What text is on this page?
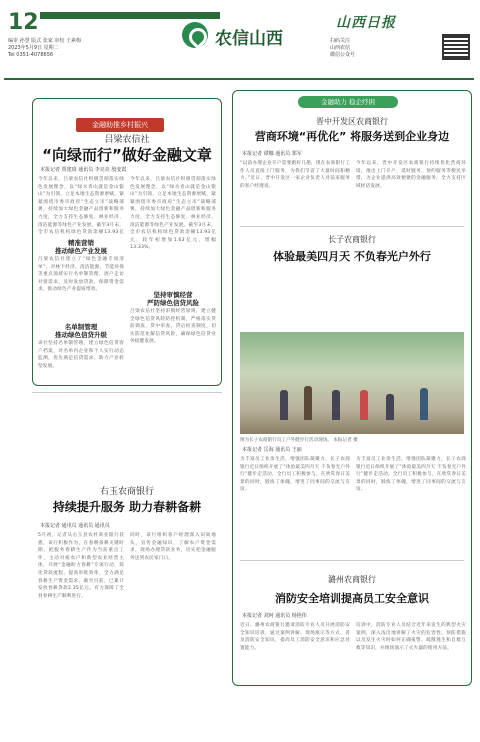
12
编审 孙慧 版式 张家 审校 王素梅
2023年5月9日 星期二
Tel 0351-4078656
农信山西
山西日报
扫码关注
山西农信
微信公众号
金融助推乡村振兴
吕梁农信社
“向绿而行”做好金融文章
本报记者 贾建琦 通讯员 李亮亮 殷变霞
今年以来，吕梁农信社积极贯彻落实绿色发展理念，以“绿水青山就是金山银山”为引领，立足本地生态资源禀赋，紧紧围绕市委市政府“生态立市”战略部署，持续加大绿色金融产品创新和服务力度，全力支持生态修复、林业经济、清洁能源等绿色产业发展，截至3月末，全市农信机构绿色贷款余额13.93亿
精准营销
推动绿色产业发展
吕梁农信社建立了“绿色金融专项清单”，对林下经济、清洁能源、节能环保等重点领域实行名单制管理，逐户走访对接需求，及时发放贷款，保障资金需求，推动绿色产业提质增效。
名单制管理
推动绿色信贷升级
该社坚持名单制管理，建立绿色信贷客户档案，对名单内企业和个人实行动态监测，优先满足信贷需求，助力产业转型发展。
今年以来，吕梁农信社积极贯彻落实绿色发展理念，以“绿水青山就是金山银山”为引领，立足本地生态资源禀赋，紧紧围绕市委市政府“生态立市”战略部署，持续加大绿色金融产品创新和服务力度，全力支持生态修复、林业经济、清洁能源等绿色产业发展，截至3月末，全市农信机构绿色贷款余额13.93亿元，较年初增加1.63亿元，增幅13.33%。
坚持审慎经营
严防绿色信贷风险
吕梁农信社坚持审慎经营原则，建立健全绿色信贷风险防控机制，严格落实贷前调查、贷中审查、贷后检查制度，切实防范化解信贷风险，确保绿色信贷业务稳健发展。
右玉农商银行
持续提升服务 助力春耕备耕
本报记者 通讯员 通讯员 通讯员
5月初，记者从右玉县农村商业银行获悉，该行积极作为，在春耕备耕关键时期，把服务春耕生产作为当前重点工作，主动对接农户和新型农业经营主体，开展“金融助力春耕”专项行动，简化贷款流程，提高审批效率，全力满足春耕生产资金需求。截至目前，已累计发放春耕贷款2.35亿元，有力保障了全县春耕生产顺利进行。
同时，该行组织客户经理深入田间地头，宣传金融知识，了解农户资金需求，现场办理贷款业务，切实把金融服务送到农民家门口。
金融助力 稳企纾困
晋中开发区农商银行
营商环境“再优化” 将服务送到企业身边
本报记者 谭娜 通讯员 郑军
“以前办理企业开户需要跑好几趟，现在农商银行工作人员直接上门服务，为我们节省了大量时间和精力。”近日，晋中开发区一家企业负责人对前来服务的客户经理说。
今年以来，晋中开发区农商银行持续优化营商环境，推出上门开户、延时服务、预约服务等便民举措，为企业提供高效便捷的金融服务，全力支持区域经济发展。
长子农商银行
体验最美四月天 不负春光户外行
图为长子农商银行员工户外健步行活动现场。 本报记者 摄
本报记者 岳海 通讯员 王丽
为丰富员工业余生活，增强团队凝聚力，长子农商银行近日组织开展了“体验最美四月天 不负春光户外行”健步走活动，全行员工积极参与，在欣赏春日美景的同时，锻炼了体魄，增进了同事间的交流与友谊。
为丰富员工业余生活，增强团队凝聚力，长子农商银行近日组织开展了“体验最美四月天 不负春光户外行”健步走活动，全行员工积极参与，在欣赏春日美景的同时，锻炼了体魄，增进了同事间的交流与友谊。
潞州农商银行
消防安全培训提高员工安全意识
本报记者 刘珂 通讯员 杨艳伟
近日，潞州农商银行邀请消防专业人员开展消防安全知识培训，通过案例讲解、现场演示等方式，普及消防安全知识，提高员工消防安全意识和应急处置能力。
培训中，消防专业人员结合近年来发生的典型火灾案例，深入浅出地讲解了火灾的危害性、预防措施以及发生火灾时如何正确报警、疏散逃生和自救互救等知识，并现场演示了灭火器的使用方法。
